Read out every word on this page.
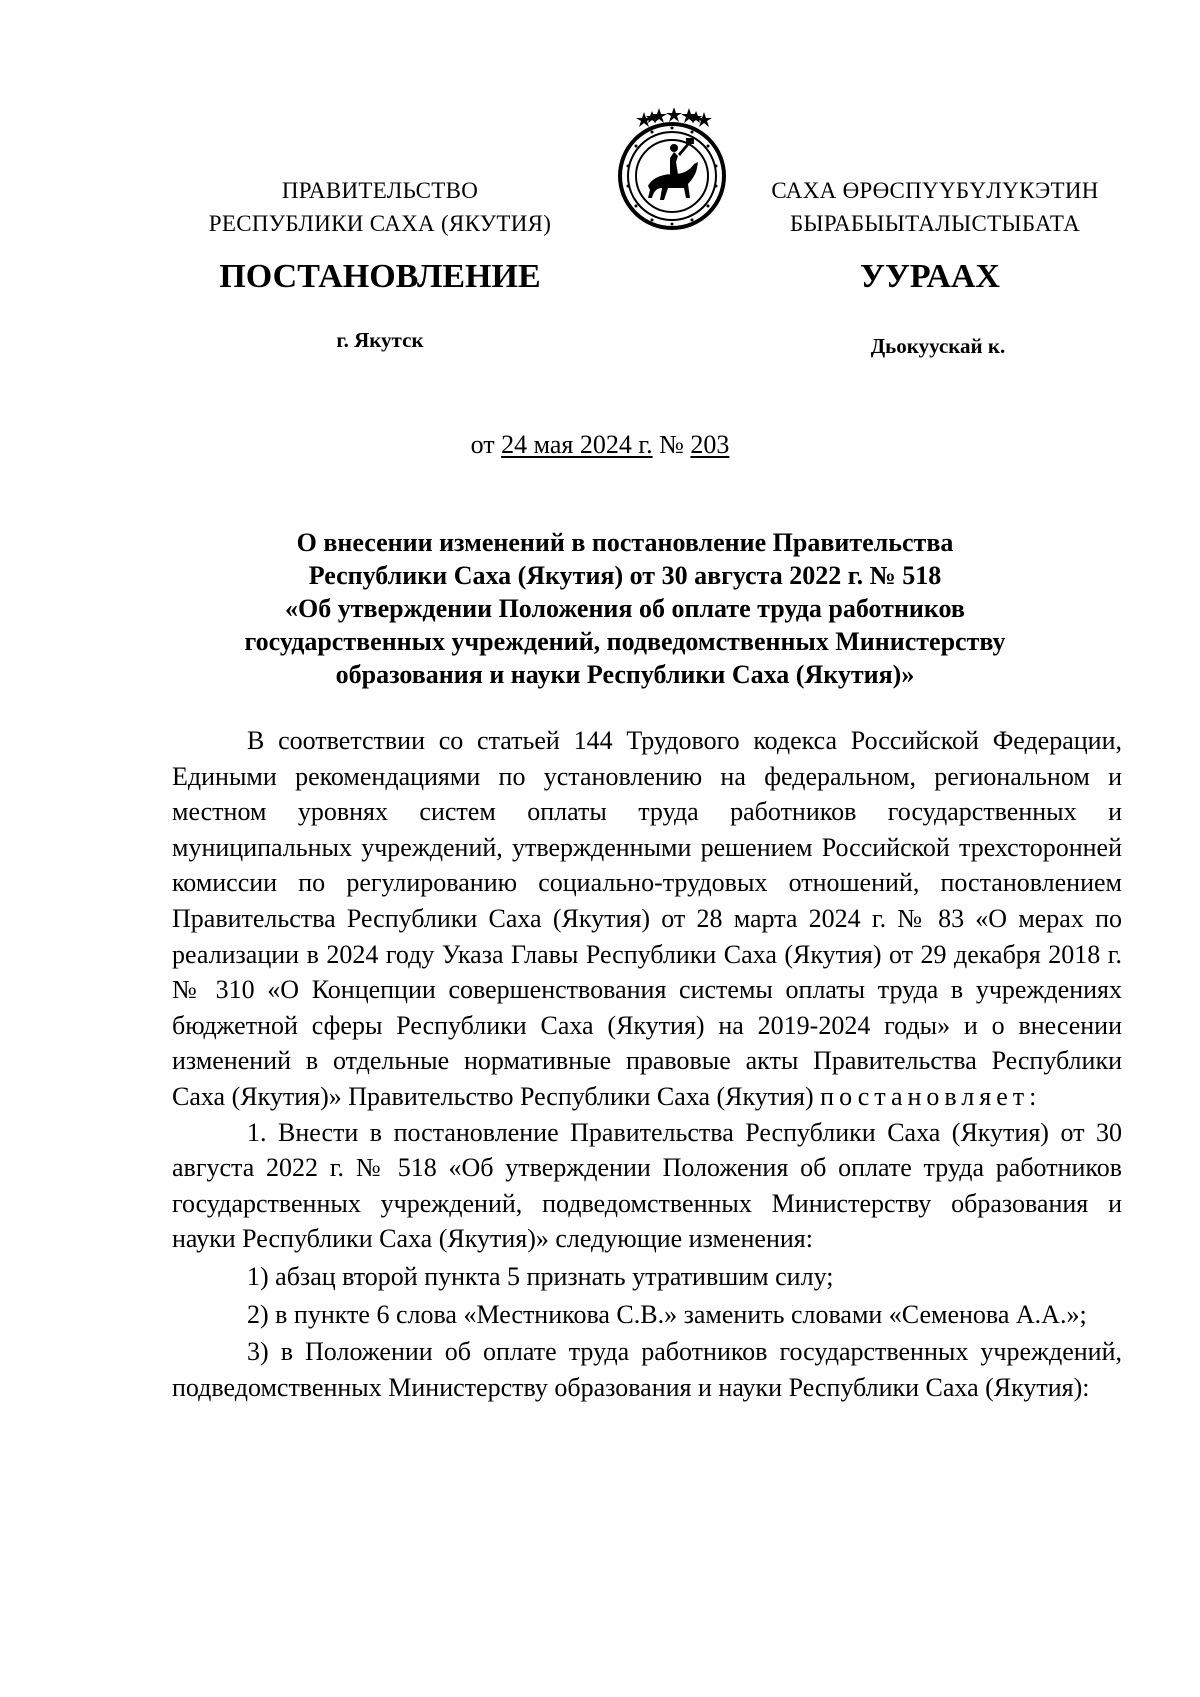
ПРАВИТЕЛЬСТВО
РЕСПУБЛИКИ САХА (ЯКУТИЯ)
САХА ӨРӨСПҮҮБҮЛҮКЭТИН
БЫРАБЫЫТАЛЫСТЫБАТА
ПОСТАНОВЛЕНИЕ	УУРААХ
г. Якутск	Дьокуускай к.
от 24 мая 2024 г. № 203
О внесении изменений в постановление Правительства
Республики Саха (Якутия) от 30 августа 2022 г. № 518
«Об утверждении Положения об оплате труда работников
государственных учреждений, подведомственных Министерству
образования и науки Республики Саха (Якутия)»

В соответствии со статьей 144 Трудового кодекса Российской Федерации, Едиными рекомендациями по установлению на федеральном, региональном и местном уровнях систем оплаты труда работников государственных и муниципальных учреждений, утвержденными решением Российской трехсторонней комиссии по регулированию социально-трудовых отношений, постановлением Правительства Республики Саха (Якутия) от 28 марта 2024 г. № 83 «О мерах по реализации в 2024 году Указа Главы Республики Саха (Якутия) от 29 декабря 2018 г. № 310 «О Концепции совершенствования системы оплаты труда в учреждениях бюджетной сферы Республики Саха (Якутия) на 2019-2024 годы» и о внесении изменений в отдельные нормативные правовые акты Правительства Республики Саха (Якутия)» Правительство Республики Саха (Якутия) постановляет:

1. Внести в постановление Правительства Республики Саха (Якутия) от 30 августа 2022 г. № 518 «Об утверждении Положения об оплате труда работников государственных учреждений, подведомственных Министерству образования и науки Республики Саха (Якутия)» следующие изменения:

1) абзац второй пункта 5 признать утратившим силу;

2) в пункте 6 слова «Местникова С.В.» заменить словами «Семенова А.А.»;

3) в Положении об оплате труда работников государственных учреждений, подведомственных Министерству образования и науки Республики Саха (Якутия):
